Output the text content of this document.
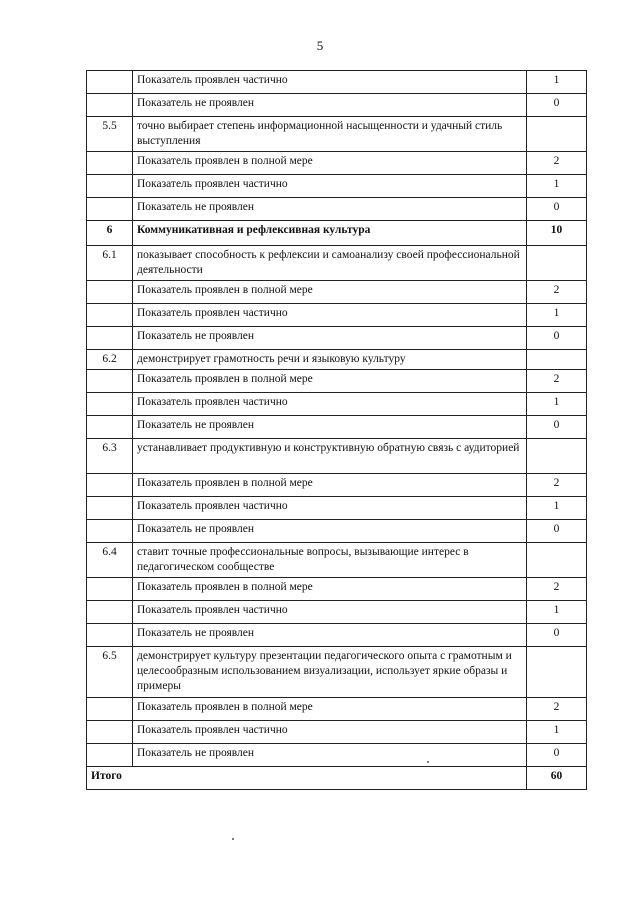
5
	Показатель проявлен частично	1
	Показатель не проявлен	0
5.5	точно выбирает степень информационной насыщенности и удачный стиль выступления	
	Показатель проявлен в полной мере	2
	Показатель проявлен частично	1
	Показатель не проявлен	0
6	Коммуникативная и рефлексивная культура	10
6.1	показывает способность к рефлексии и самоанализу своей профессиональной деятельности	
	Показатель проявлен в полной мере	2
	Показатель проявлен частично	1
	Показатель не проявлен	0
6.2	демонстрирует грамотность речи и языковую культуру	
	Показатель проявлен в полной мере	2
	Показатель проявлен частично	1
	Показатель не проявлен	0
6.3	устанавливает продуктивную и конструктивную обратную связь с аудиторией	
	Показатель проявлен в полной мере	2
	Показатель проявлен частично	1
	Показатель не проявлен	0
6.4	ставит точные профессиональные вопросы, вызывающие интерес в педагогическом сообществе	
	Показатель проявлен в полной мере	2
	Показатель проявлен частично	1
	Показатель не проявлен	0
6.5	демонстрирует культуру презентации педагогического опыта с грамотным и целесообразным использованием визуализации, использует яркие образы и примеры	
	Показатель проявлен в полной мере	2
	Показатель проявлен частично	1
	Показатель не проявлен	0
Итого		60
